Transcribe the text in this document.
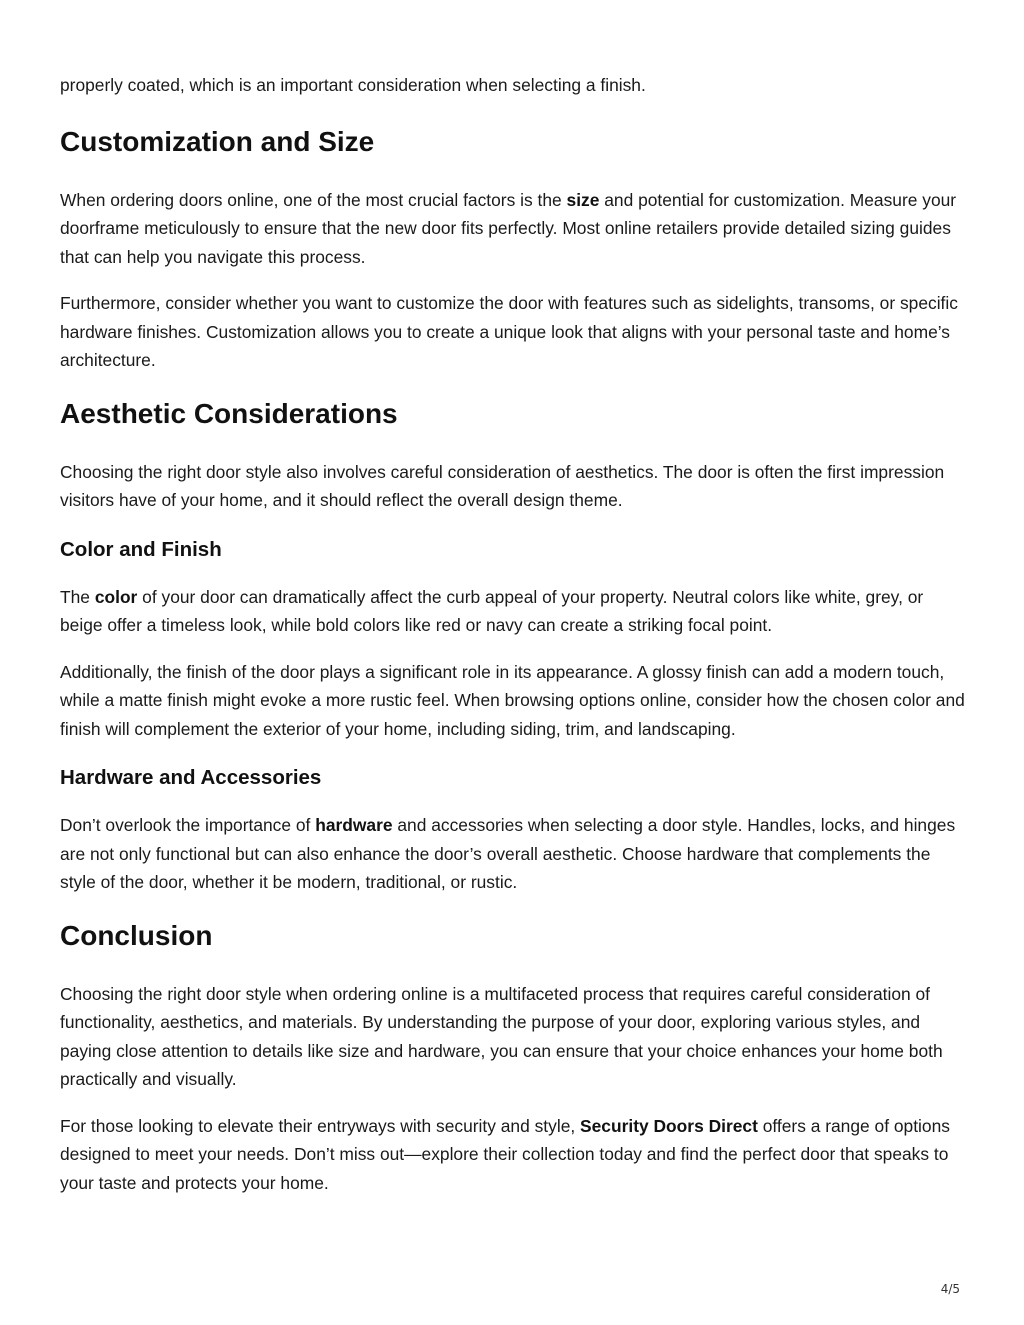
properly coated, which is an important consideration when selecting a finish.

Customization and Size

When ordering doors online, one of the most crucial factors is the size and potential for customization. Measure your doorframe meticulously to ensure that the new door fits perfectly. Most online retailers provide detailed sizing guides that can help you navigate this process.

Furthermore, consider whether you want to customize the door with features such as sidelights, transoms, or specific hardware finishes. Customization allows you to create a unique look that aligns with your personal taste and home’s architecture.

Aesthetic Considerations

Choosing the right door style also involves careful consideration of aesthetics. The door is often the first impression visitors have of your home, and it should reflect the overall design theme.

Color and Finish

The color of your door can dramatically affect the curb appeal of your property. Neutral colors like white, grey, or beige offer a timeless look, while bold colors like red or navy can create a striking focal point.

Additionally, the finish of the door plays a significant role in its appearance. A glossy finish can add a modern touch, while a matte finish might evoke a more rustic feel. When browsing options online, consider how the chosen color and finish will complement the exterior of your home, including siding, trim, and landscaping.

Hardware and Accessories

Don’t overlook the importance of hardware and accessories when selecting a door style. Handles, locks, and hinges are not only functional but can also enhance the door’s overall aesthetic. Choose hardware that complements the style of the door, whether it be modern, traditional, or rustic.

Conclusion

Choosing the right door style when ordering online is a multifaceted process that requires careful consideration of functionality, aesthetics, and materials. By understanding the purpose of your door, exploring various styles, and paying close attention to details like size and hardware, you can ensure that your choice enhances your home both practically and visually.

For those looking to elevate their entryways with security and style, Security Doors Direct offers a range of options designed to meet your needs. Don’t miss out—explore their collection today and find the perfect door that speaks to your taste and protects your home.

4/5
